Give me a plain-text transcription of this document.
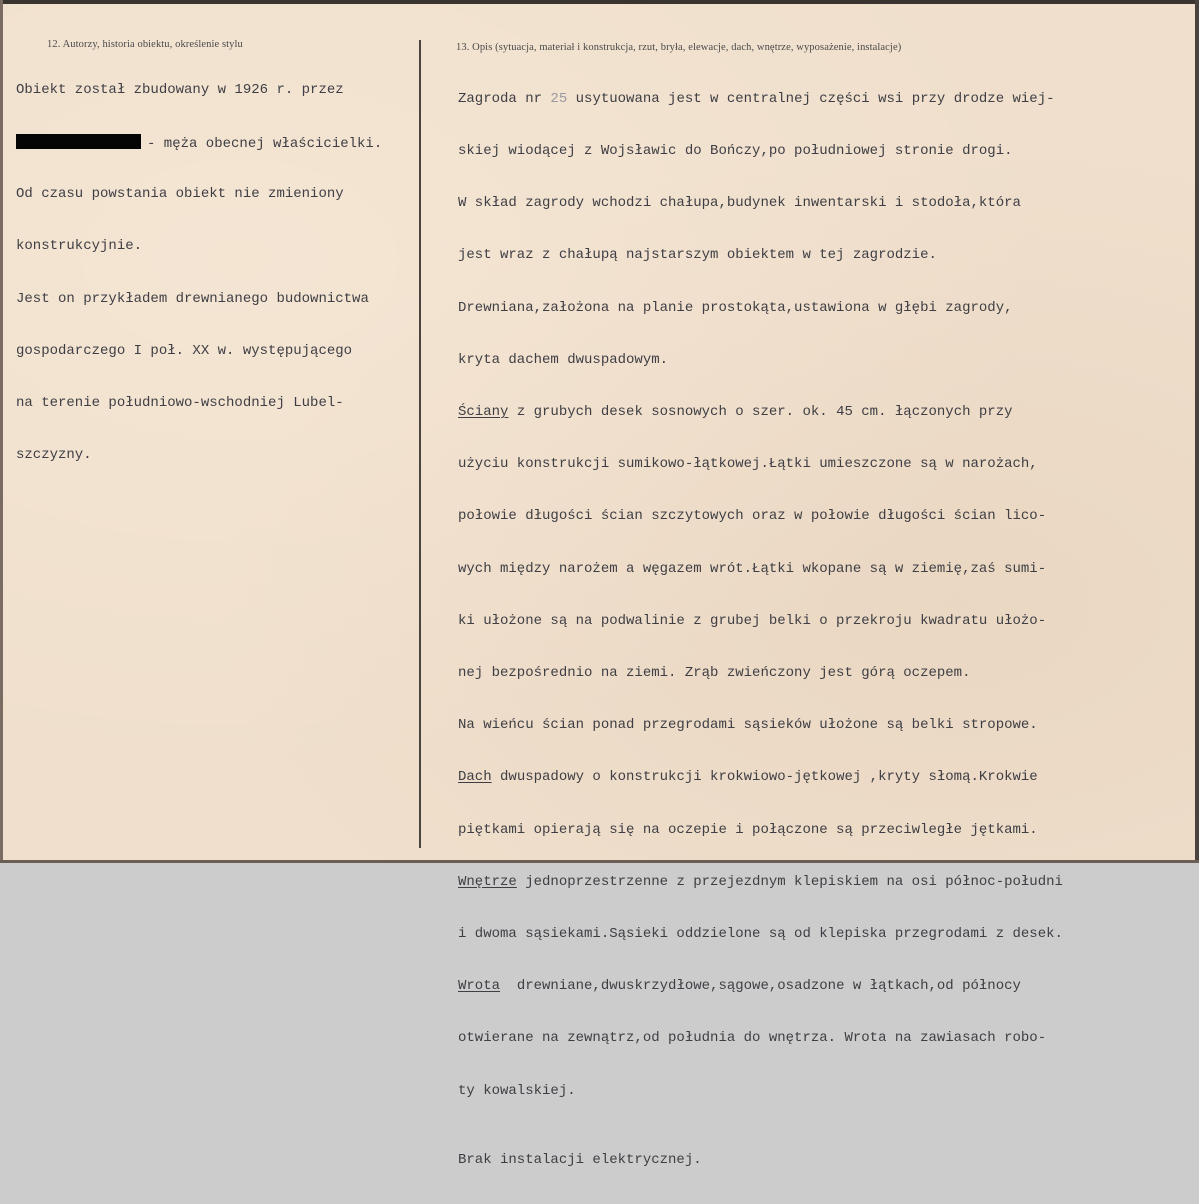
12. Autorzy, historia obiektu, określenie stylu	13. Opis (sytuacja, materiał i konstrukcja, rzut, bryła, elewacje, dach, wnętrze, wyposażenie, instalacje)

Obiekt został zbudowany w 1926 r. przez

- męża obecnej właścicielki.

Od czasu powstania obiekt nie zmieniony

konstrukcyjnie.

Jest on przykładem drewnianego budownictwa

gospodarczego I poł. XX w. występującego

na terenie południowo-wschodniej Lubel-

szczyzny.

Zagroda nr 25 usytuowana jest w centralnej części wsi przy drodze wiej-

skiej wiodącej z Wojsławic do Bończy,po południowej stronie drogi.

W skład zagrody wchodzi chałupa,budynek inwentarski i stodoła,która

jest wraz z chałupą najstarszym obiektem w tej zagrodzie.

Drewniana,założona na planie prostokąta,ustawiona w głębi zagrody,

kryta dachem dwuspadowym.

Ściany z grubych desek sosnowych o szer. ok. 45 cm. łączonych przy

użyciu konstrukcji sumikowo-łątkowej.Łątki umieszczone są w narożach,

połowie długości ścian szczytowych oraz w połowie długości ścian lico-

wych między narożem a węgazem wrót.Łątki wkopane są w ziemię,zaś sumi-

ki ułożone są na podwalinie z grubej belki o przekroju kwadratu ułożo-

nej bezpośrednio na ziemi. Zrąb zwieńczony jest górą oczepem.

Na wieńcu ścian ponad przegrodami sąsieków ułożone są belki stropowe.

Dach dwuspadowy o konstrukcji krokwiowo-jętkowej ,kryty słomą.Krokwie

piętkami opierają się na oczepie i połączone są przeciwległe jętkami.

Wnętrze jednoprzestrzenne z przejezdnym klepiskiem na osi północ-południ

i dwoma sąsiekami.Sąsieki oddzielone są od klepiska przegrodami z desek.

Wrota  drewniane,dwuskrzydłowe,sągowe,osadzone w łątkach,od północy

otwierane na zewnątrz,od południa do wnętrza. Wrota na zawiasach robo-

ty kowalskiej.

Brak instalacji elektrycznej.
